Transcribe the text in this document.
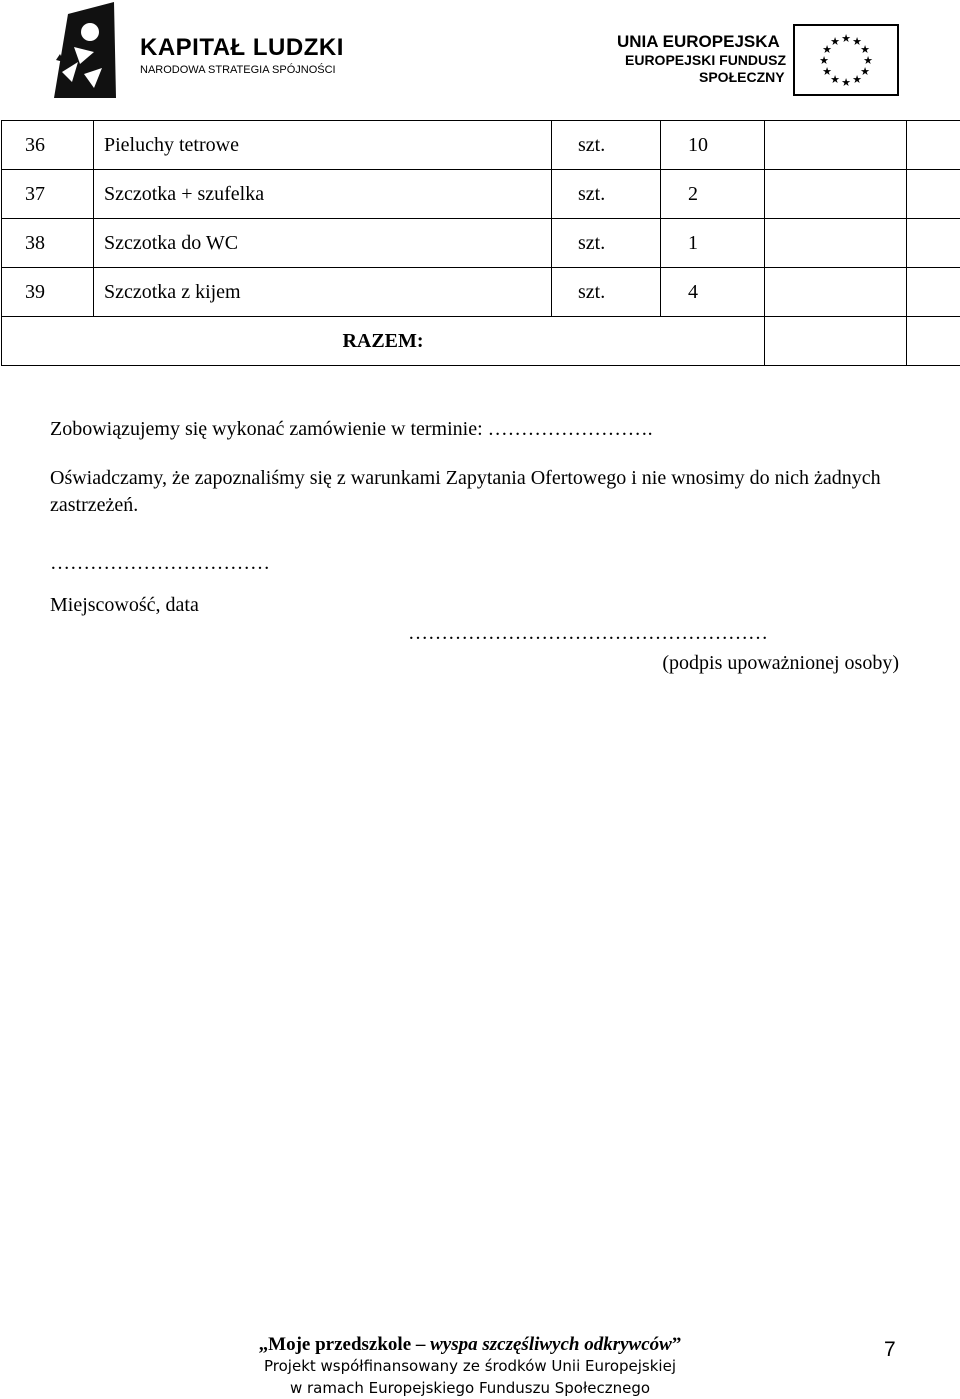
KAPITAŁ LUDZKI
NARODOWA STRATEGIA SPÓJNOŚCI
UNIA EUROPEJSKA
EUROPEJSKI FUNDUSZ
SPOŁECZNY
★ ★
★
★
★
★
★
★
★
★
★
★
36	Pieluchy tetrowe	szt.	10		
37	Szczotka + szufelka	szt.	2		
38	Szczotka do WC	szt.	1		
39	Szczotka z kijem	szt.	4		
RAZEM:					
Zobowiązujemy się wykonać zamówienie w terminie: …………………….
Oświadczamy, że zapoznaliśmy się z warunkami Zapytania Ofertowego i nie wnosimy do nich żadnych zastrzeżeń.
……………………………
Miejscowość, data
………………………………………………
(podpis upoważnionej osoby)
„Moje przedszkole – wyspa szczęśliwych odkrywców”
Projekt współfinansowany ze środków Unii Europejskiej
w ramach Europejskiego Funduszu Społecznego
7
